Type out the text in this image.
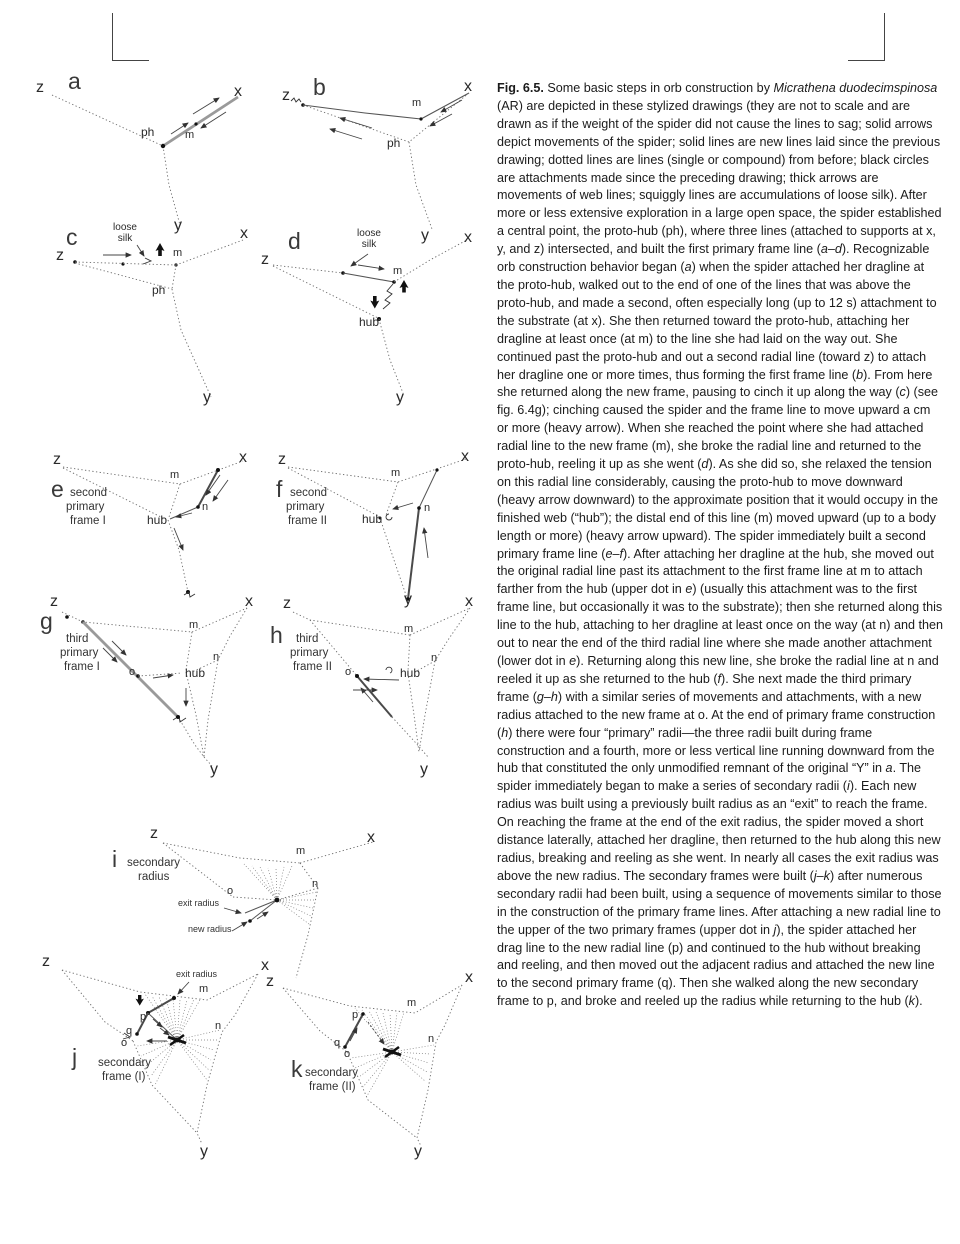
z a	x
ph	m
y
z b	x
m
ph
y
c
z
loose silk
m
x
ph
y
d
z
loose silk
m
x
hub
y
z	x
e second
primary
frame I
m
n
hub
z	x
f second
primary
frame II
m
n
hub
y
z
g
third
primary
frame I
x
m
n
o	hub
y
z
h third
primary
frame II
x
m
n
o	hub
y
z
i secondary
radius
x
m
n
o
exit radius
new radius
z	x
exit radius
m
p
q
o
n
j secondary
frame (I)
y
z	x
m
p
q
o
n
k secondary
frame (II)
y

Fig. 6.5. Some basic steps in orb construction by Micrathena duodecimspinosa (AR) are depicted in these stylized drawings (they are not to scale and are drawn as if the weight of the spider did not cause the lines to sag; solid arrows depict movements of the spider; solid lines are new lines laid since the previous drawing; dotted lines are lines (single or compound) from before; black circles are attachments made since the preceding drawing; thick arrows are movements of web lines; squiggly lines are accumulations of loose silk). After more or less extensive exploration in a large open space, the spider established a central point, the proto-hub (ph), where three lines (attached to supports at x, y, and z) intersected, and built the first primary frame line (a–d). Recognizable orb construction behavior began (a) when the spider attached her dragline at the proto-hub, walked out to the end of one of the lines that was above the proto-hub, and made a second, often especially long (up to 12 s) attachment to the substrate (at x). She then returned toward the proto-hub, attaching her dragline at least once (at m) to the line she had laid on the way out. She continued past the proto-hub and out a second radial line (toward z) to attach her dragline one or more times, thus forming the first frame line (b). From here she returned along the new frame, pausing to cinch it up along the way (c) (see fig. 6.4g); cinching caused the spider and the frame line to move upward a cm or more (heavy arrow). When she reached the point where she had attached radial line to the new frame (m), she broke the radial line and returned to the proto-hub, reeling it up as she went (d). As she did so, she relaxed the tension on this radial line considerably, causing the proto-hub to move downward (heavy arrow downward) to the approximate position that it would occupy in the finished web (“hub”); the distal end of this line (m) moved upward (up to a body length or more) (heavy arrow upward). The spider immediately built a second primary frame line (e–f). After attaching her dragline at the hub, she moved out the original radial line past its attachment to the first frame line at m to attach farther from the hub (upper dot in e) (usually this attachment was to the first frame line, but occasionally it was to the substrate); then she returned along this line to the hub, attaching to her dragline at least once on the way (at n) and then out to near the end of the third radial line where she made another attachment (lower dot in e). Returning along this new line, she broke the radial line at n and reeled it up as she returned to the hub (f). She next made the third primary frame (g–h) with a similar series of movements and attachments, with a new radius attached to the new frame at o. At the end of primary frame construction (h) there were four “primary” radii—the three radii built during frame construction and a fourth, more or less vertical line running downward from the hub that constituted the only unmodified remnant of the original “Y” in a. The spider immediately began to make a series of secondary radii (i). Each new radius was built using a previously built radius as an “exit” to reach the frame. On reaching the frame at the end of the exit radius, the spider moved a short distance laterally, attached her dragline, then returned to the hub along this new radius, breaking and reeling as she went. In nearly all cases the exit radius was above the new radius. The secondary frames were built (j–k) after numerous secondary radii had been built, using a sequence of movements similar to those in the construction of the primary frame lines. After attaching a new radial line to the upper of the two primary frames (upper dot in j), the spider attached her drag line to the new radial line (p) and continued to the hub without breaking and reeling, and then moved out the adjacent radius and attached the new line to the second primary frame (q). Then she walked along the new secondary frame to p, and broke and reeled up the radius while returning to the hub (k).
